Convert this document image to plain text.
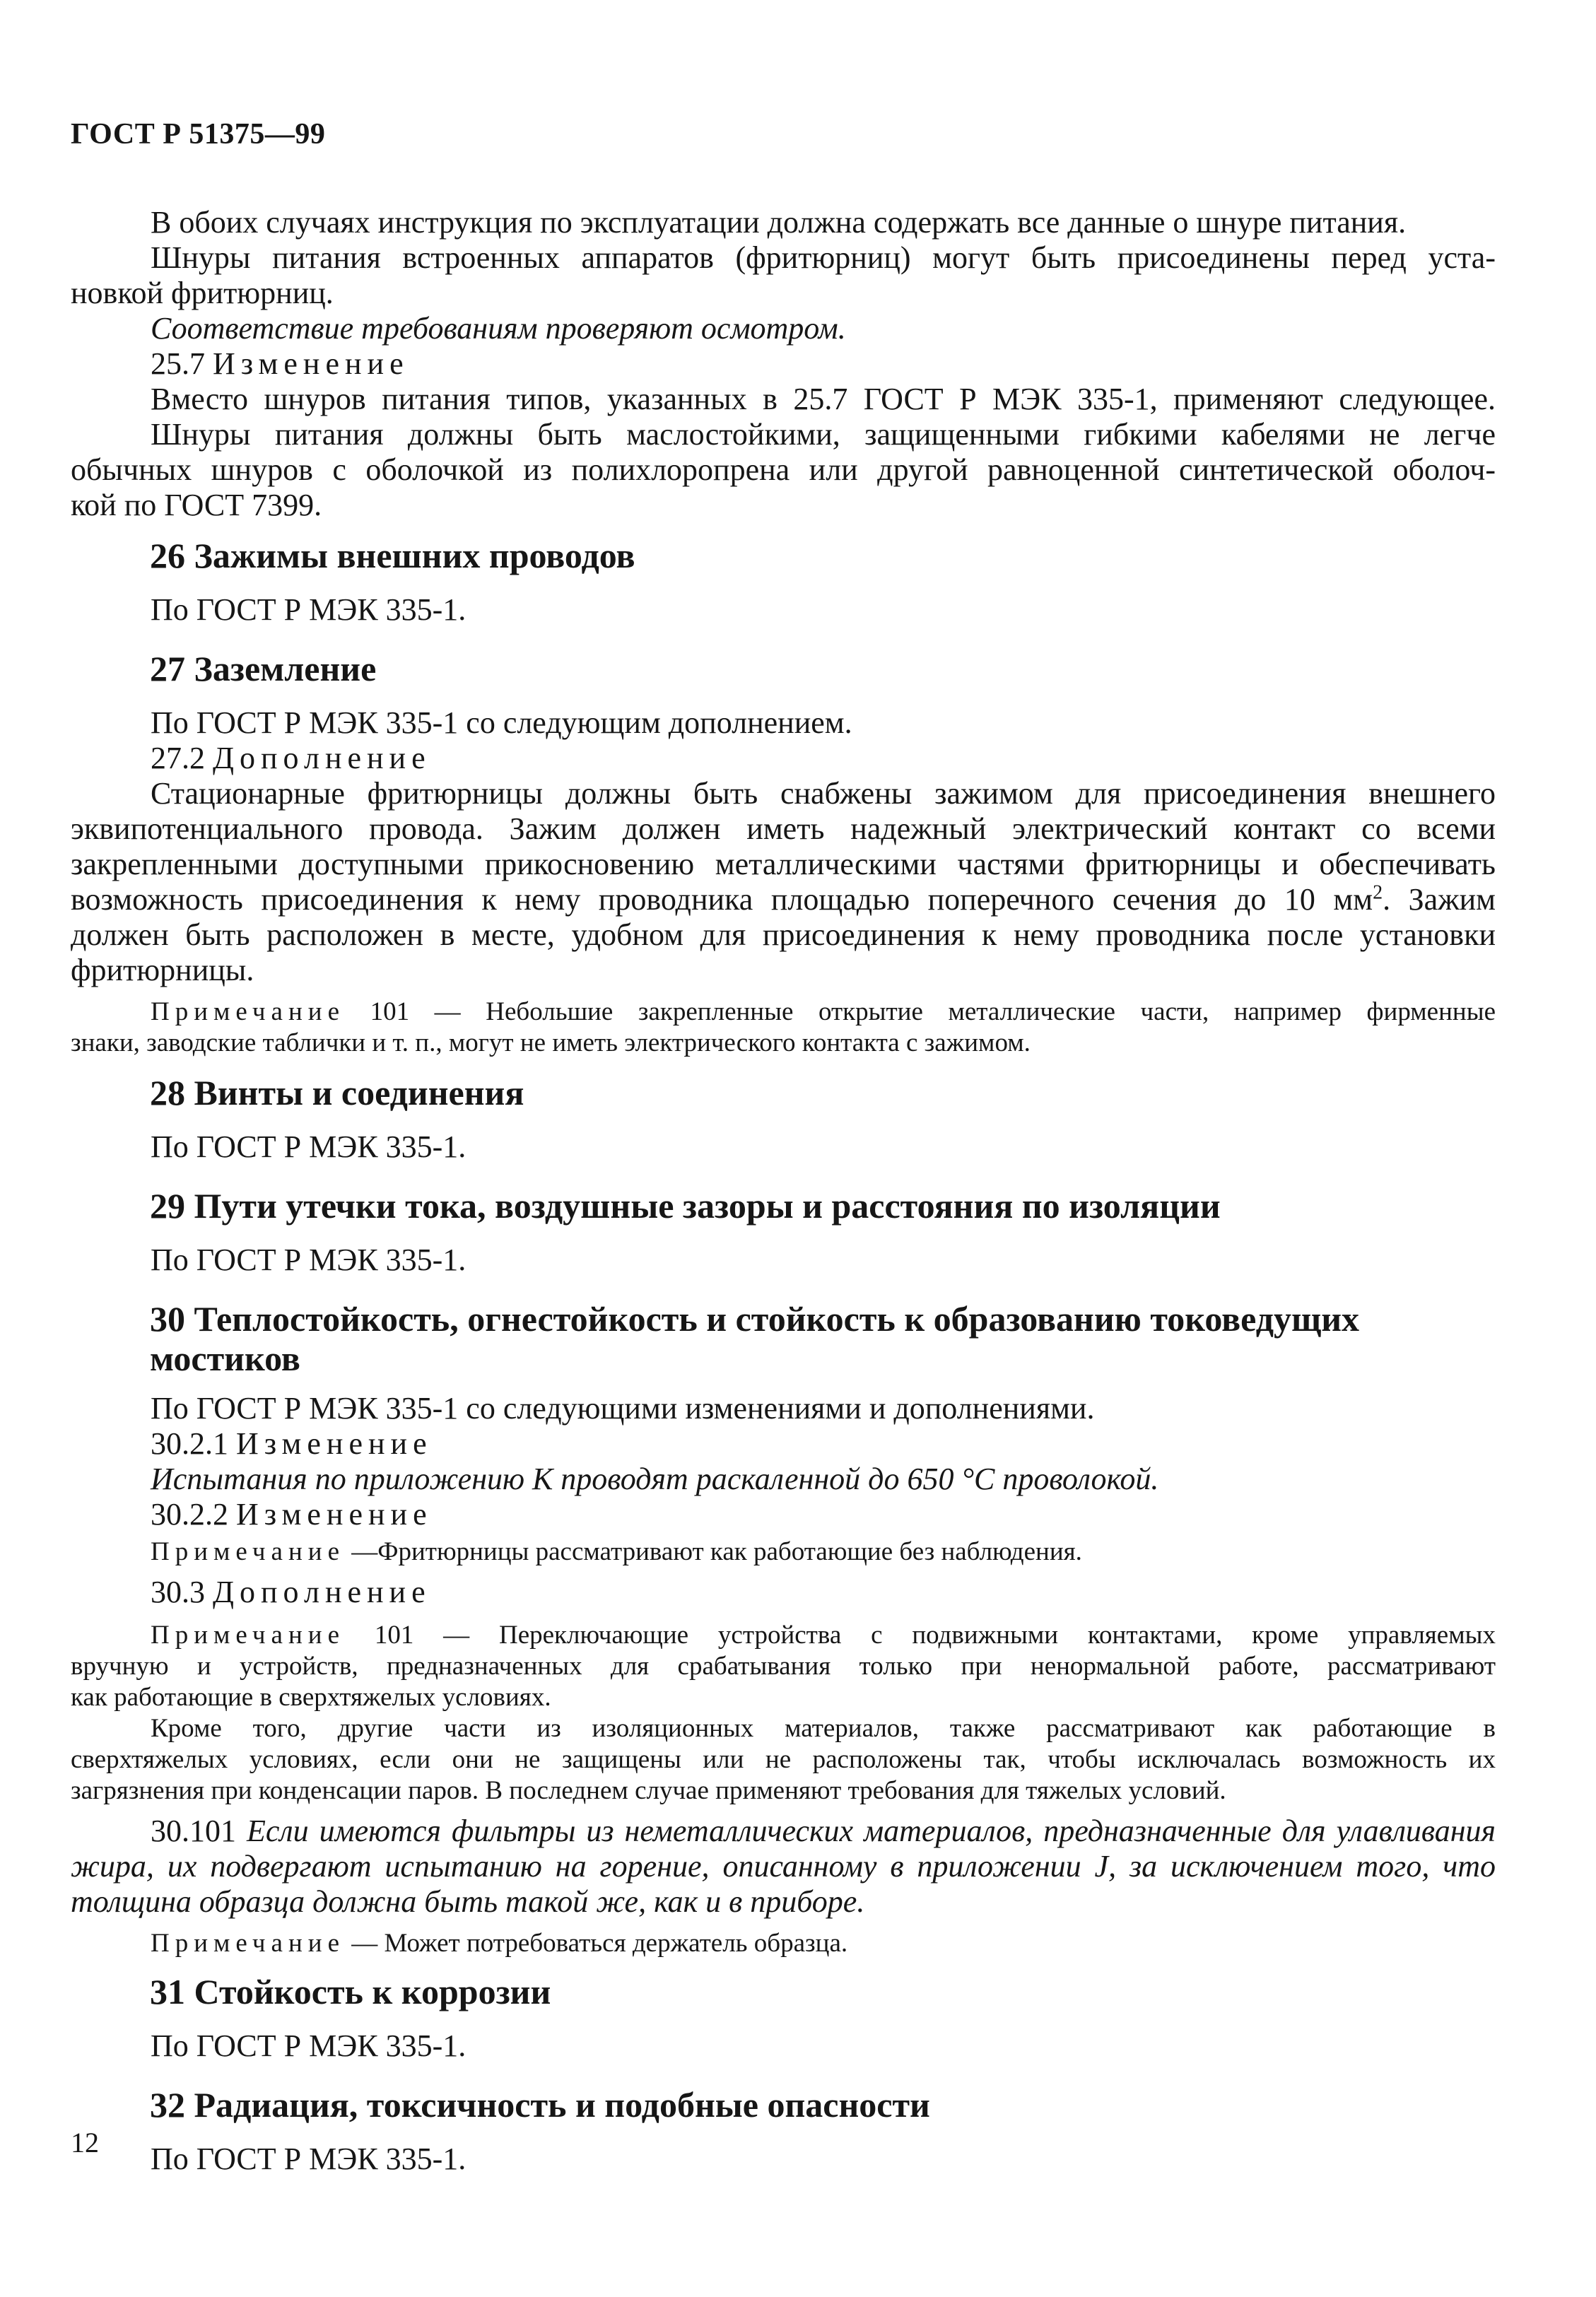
ГОСТ Р 51375—99
В обоих случаях инструкция по эксплуатации должна содержать все данные о шнуре питания.
Шнуры питания встроенных аппаратов (фритюрниц) могут быть присоединены перед уста-
новкой фритюрниц.
Соответствие требованиям проверяют осмотром.
25.7 Изменение
Вместо шнуров питания типов, указанных в 25.7 ГОСТ Р МЭК 335-1, применяют следующее.
Шнуры питания должны быть маслостойкими, защищенными гибкими кабелями не легче
обычных шнуров с оболочкой из полихлоропрена или другой равноценной синтетической оболоч-
кой по ГОСТ 7399.
26 Зажимы внешних проводов
По ГОСТ Р МЭК 335-1.
27 Заземление
По ГОСТ Р МЭК 335-1 со следующим дополнением.
27.2 Дополнение
Стационарные фритюрницы должны быть снабжены зажимом для присоединения внешнего
эквипотенциального провода. Зажим должен иметь надежный электрический контакт со всеми
закрепленными доступными прикосновению металлическими частями фритюрницы и обеспечивать
возможность присоединения к нему проводника площадью поперечного сечения до 10 $мм^2$. Зажим
должен быть расположен в месте, удобном для присоединения к нему проводника после установки
фритюрницы.
Примечание 101 — Небольшие закрепленные открытие металлические части, например фирменные
знаки, заводские таблички и т. п., могут не иметь электрического контакта с зажимом.
28 Винты и соединения
По ГОСТ Р МЭК 335-1.
29 Пути утечки тока, воздушные зазоры и расстояния по изоляции
По ГОСТ Р МЭК 335-1.
30 Теплостойкость, огнестойкость и стойкость к образованию токоведущих
мостиков
По ГОСТ Р МЭК 335-1 со следующими изменениями и дополнениями.
30.2.1 Изменение
Испытания по приложению К проводят раскаленной до 650 °С проволокой.
30.2.2 Изменение
Примечание —Фритюрницы рассматривают как работающие без наблюдения.
30.3 Дополнение
Примечание 101 — Переключающие устройства с подвижными контактами, кроме управляемых
вручную и устройств, предназначенных для срабатывания только при ненормальной работе, рассматривают
как работающие в сверхтяжелых условиях.
Кроме того, другие части из изоляционных материалов, также рассматривают как работающие в
сверхтяжелых условиях, если они не защищены или не расположены так, чтобы исключалась возможность их
загрязнения при конденсации паров. В последнем случае применяют требования для тяжелых условий.
30.101 Если имеются фильтры из неметаллических материалов, предназначенные для улавливания
жира, их подвергают испытанию на горение, описанному в приложении J, за исключением того, что
толщина образца должна быть такой же, как и в приборе.
Примечание — Может потребоваться держатель образца.
31 Стойкость к коррозии
По ГОСТ Р МЭК 335-1.
32 Радиация, токсичность и подобные опасности
По ГОСТ Р МЭК 335-1.
12
